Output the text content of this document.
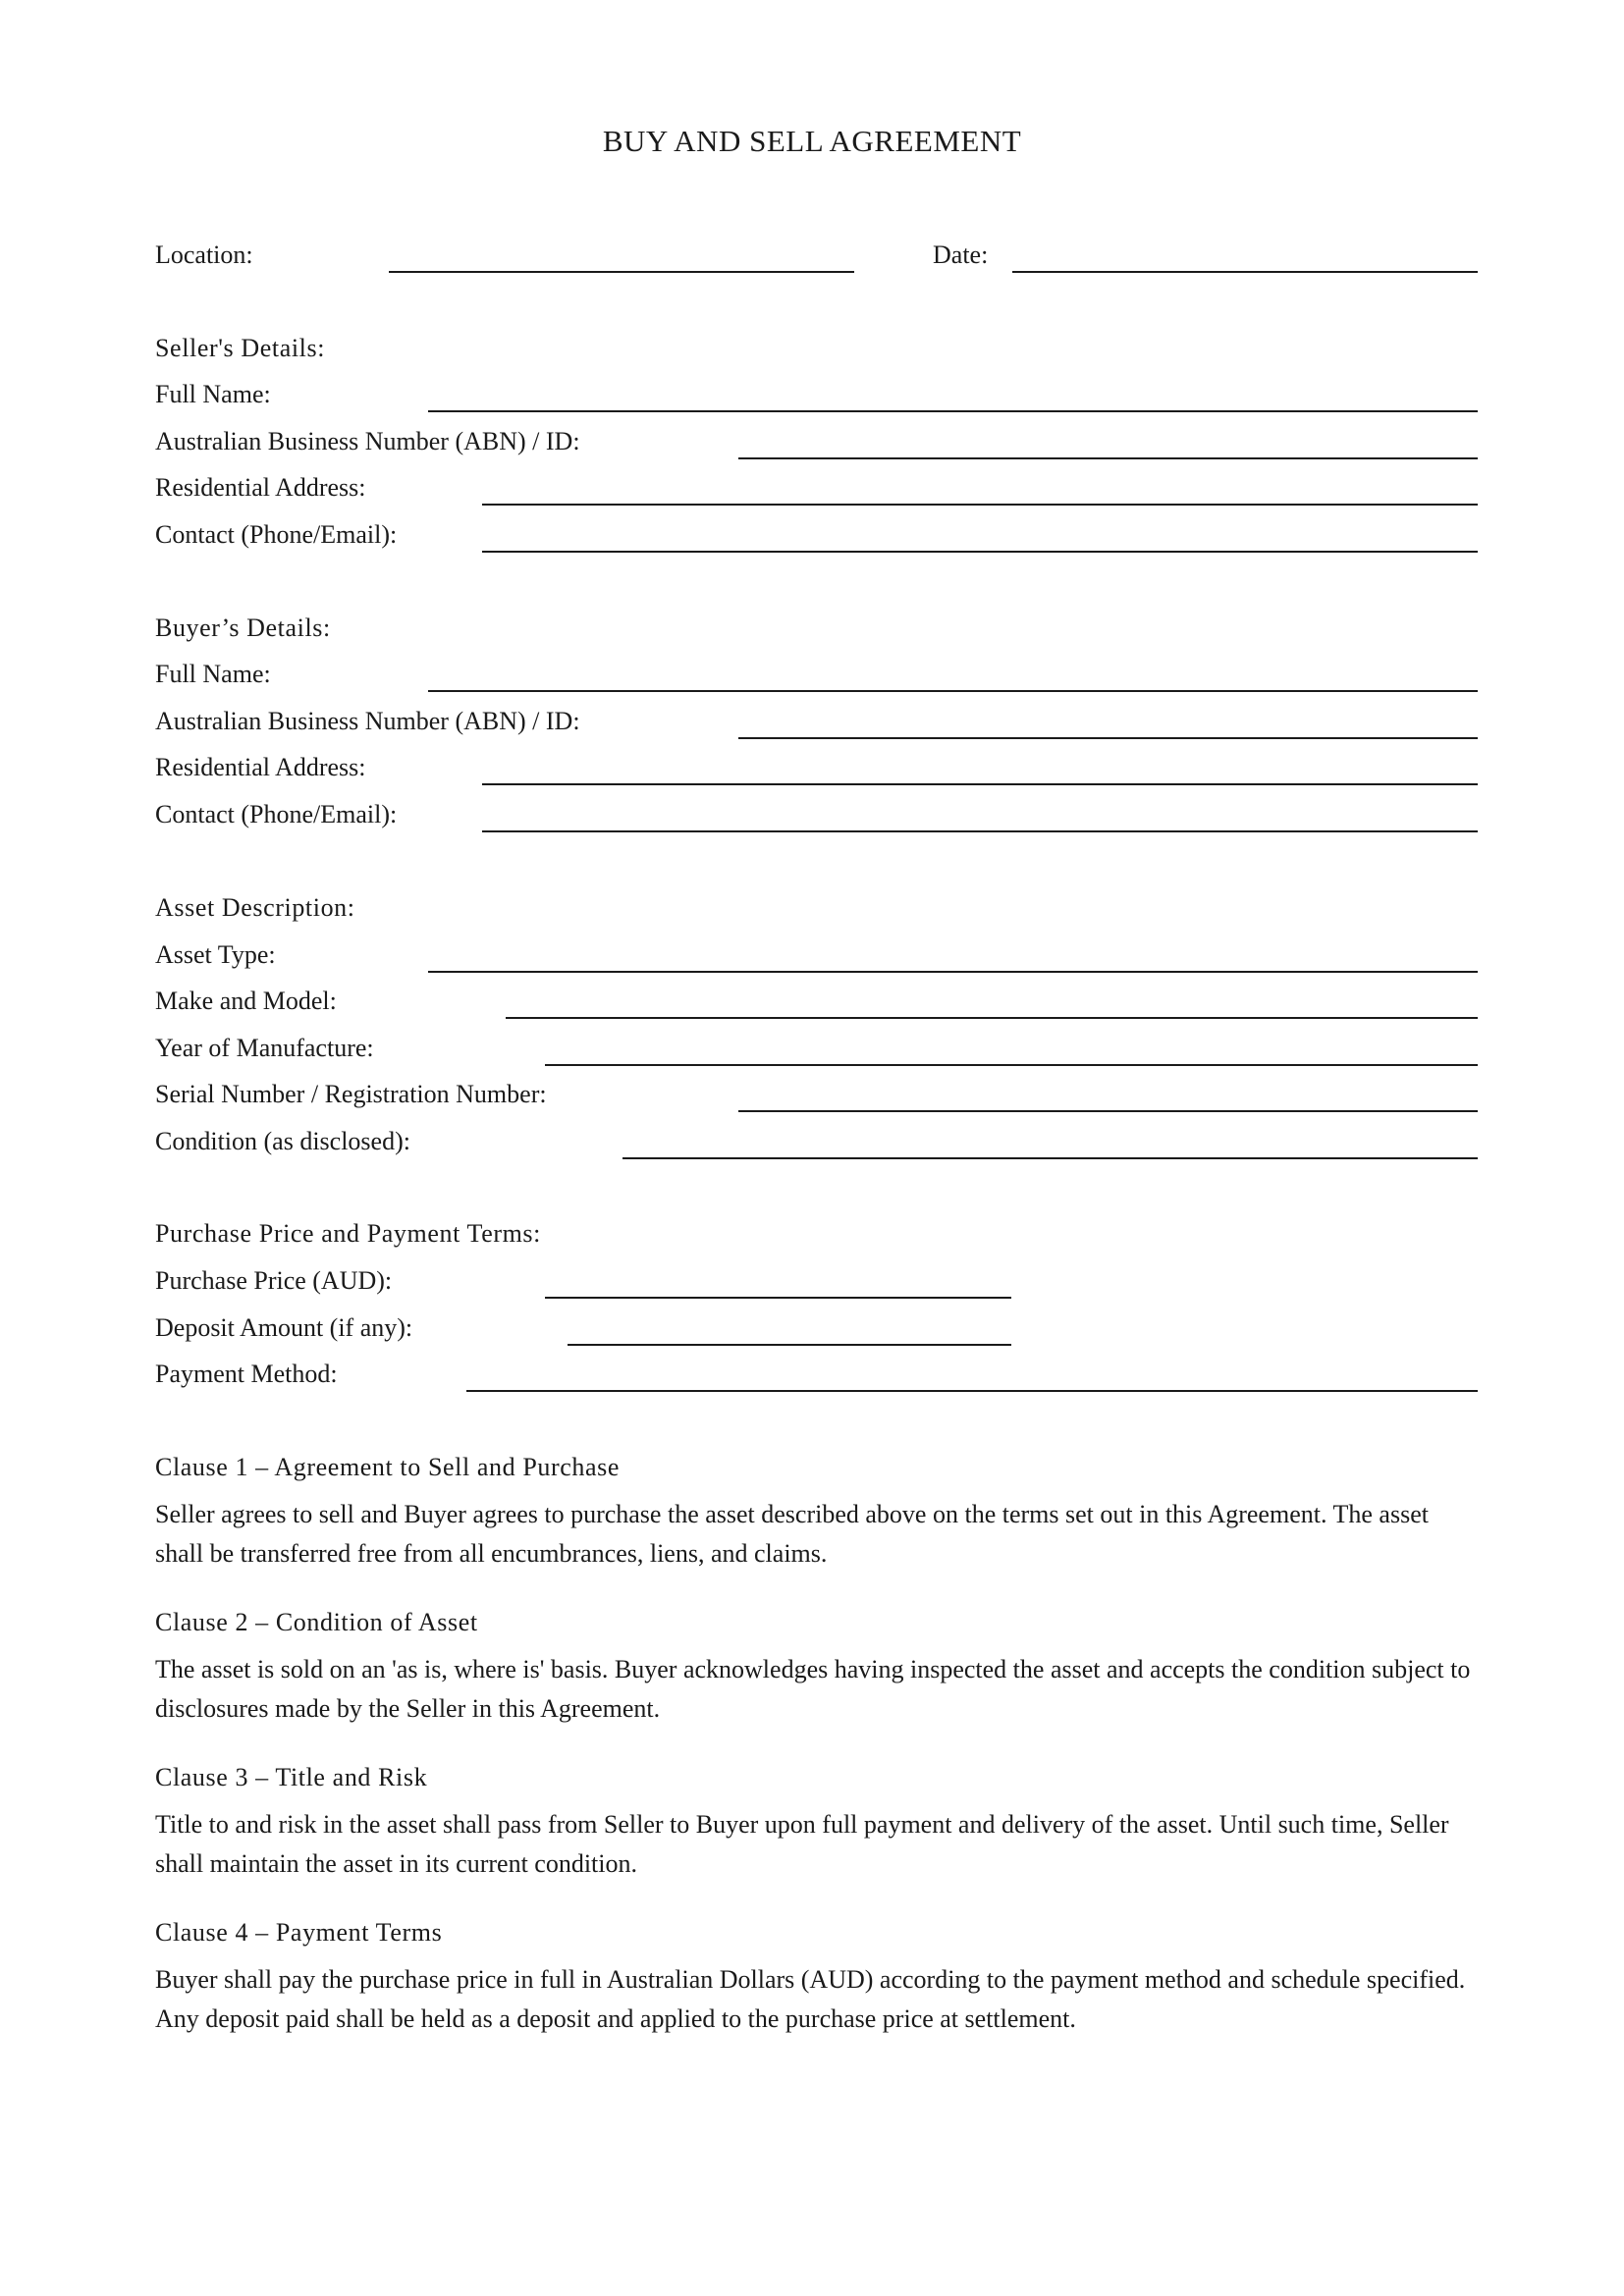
BUY AND SELL AGREEMENT
Location:	Date:
Seller's Details:
Full Name:
Australian Business Number (ABN) / ID:
Residential Address:
Contact (Phone/Email):
Buyer’s Details:
Full Name:
Australian Business Number (ABN) / ID:
Residential Address:
Contact (Phone/Email):
Asset Description:
Asset Type:
Make and Model:
Year of Manufacture:
Serial Number / Registration Number:
Condition (as disclosed):
Purchase Price and Payment Terms:
Purchase Price (AUD):
Deposit Amount (if any):
Payment Method:
Clause 1 – Agreement to Sell and Purchase
Seller agrees to sell and Buyer agrees to purchase the asset described above on the terms set out in this Agreement. The asset shall be transferred free from all encumbrances, liens, and claims.
Clause 2 – Condition of Asset
The asset is sold on an 'as is, where is' basis. Buyer acknowledges having inspected the asset and accepts the condition subject to disclosures made by the Seller in this Agreement.
Clause 3 – Title and Risk
Title to and risk in the asset shall pass from Seller to Buyer upon full payment and delivery of the asset. Until such time, Seller shall maintain the asset in its current condition.
Clause 4 – Payment Terms
Buyer shall pay the purchase price in full in Australian Dollars (AUD) according to the payment method and schedule specified. Any deposit paid shall be held as a deposit and applied to the purchase price at settlement.
